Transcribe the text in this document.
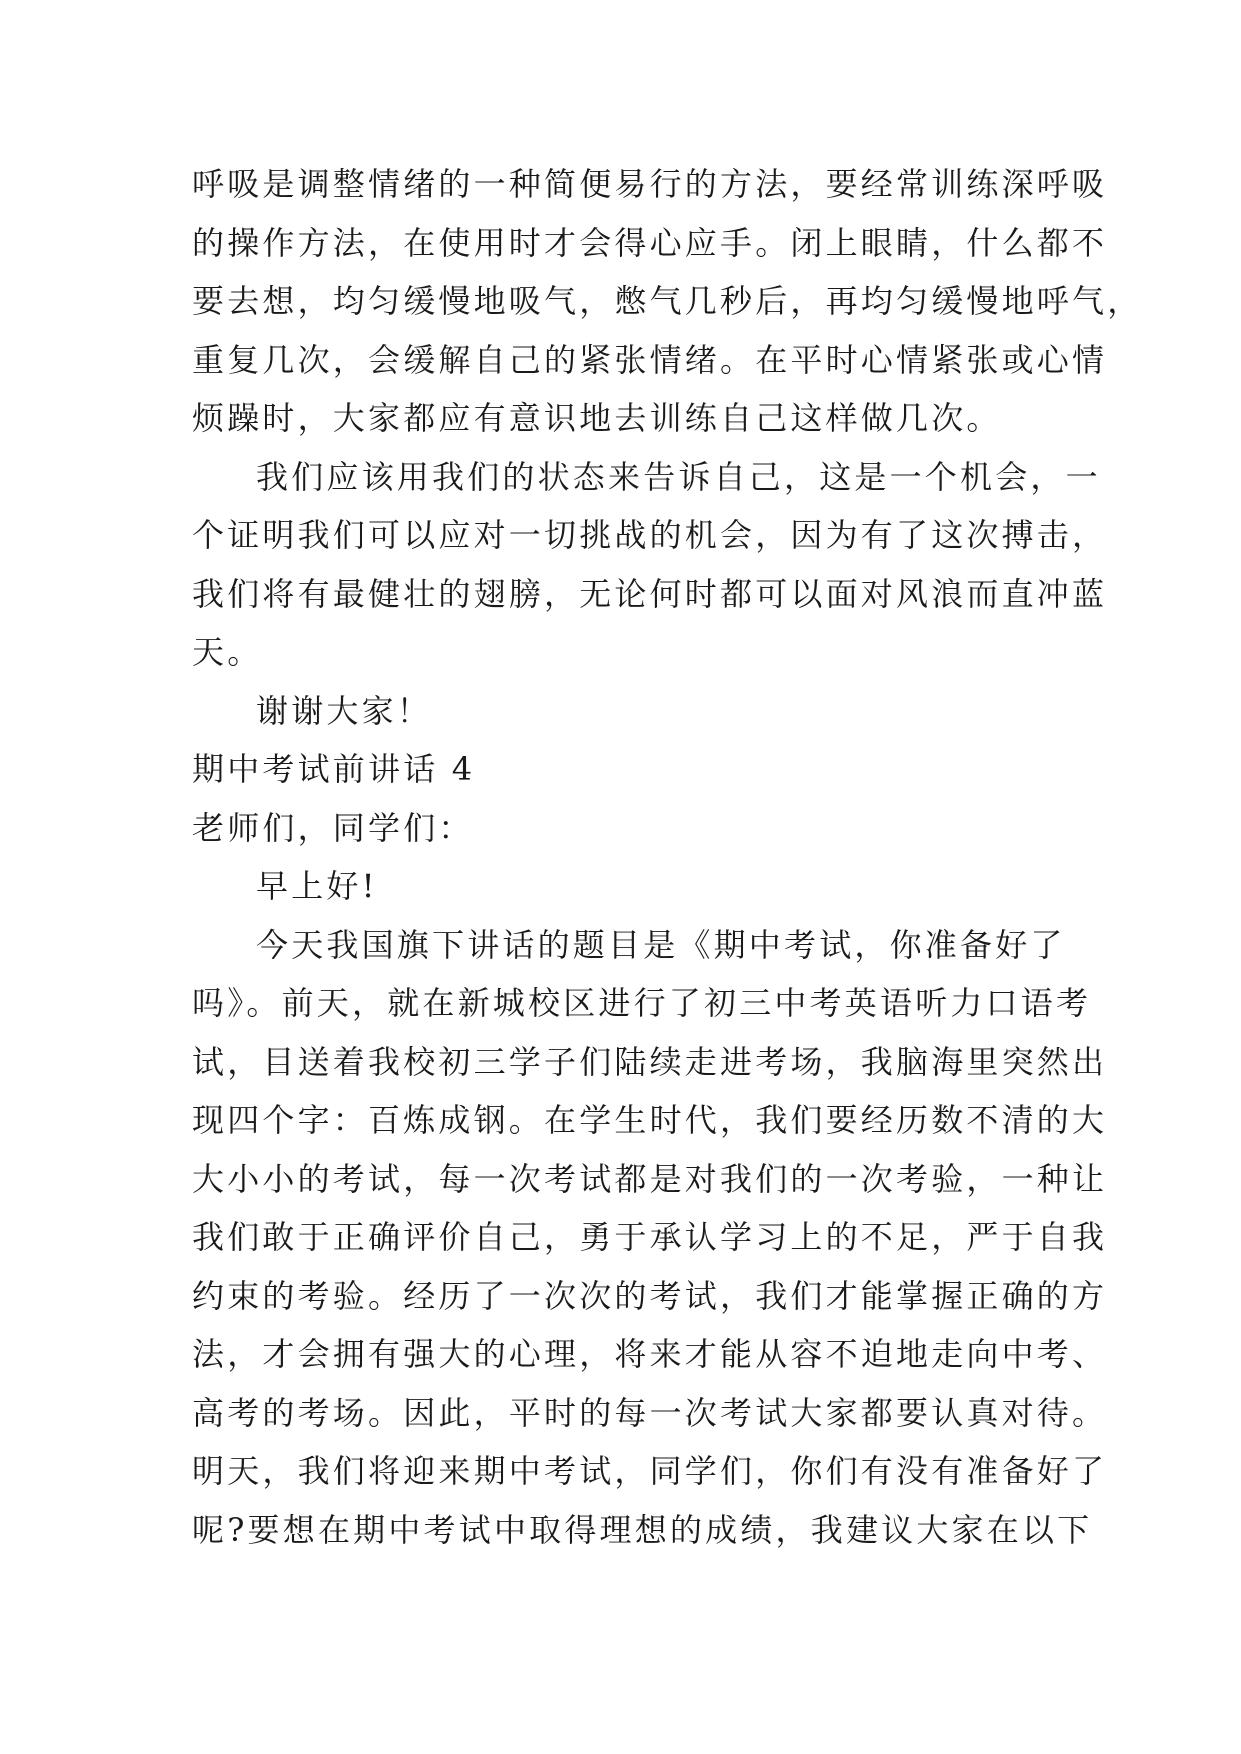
呼吸是调整情绪的一种简便易行的方法，要经常训练深呼吸
的操作方法，在使用时才会得心应手。闭上眼睛，什么都不
要去想，均匀缓慢地吸气，憋气几秒后，再均匀缓慢地呼气，
重复几次，会缓解自己的紧张情绪。在平时心情紧张或心情
烦躁时，大家都应有意识地去训练自己这样做几次。
我们应该用我们的状态来告诉自己，这是一个机会，一
个证明我们可以应对一切挑战的机会，因为有了这次搏击，
我们将有最健壮的翅膀，无论何时都可以面对风浪而直冲蓝
天。
谢谢大家！
期中考试前讲话 4
老师们，同学们：
早上好!
今天我国旗下讲话的题目是《期中考试，你准备好了
吗》。前天，就在新城校区进行了初三中考英语听力口语考
试，目送着我校初三学子们陆续走进考场，我脑海里突然出
现四个字：百炼成钢。在学生时代，我们要经历数不清的大
大小小的考试，每一次考试都是对我们的一次考验，一种让
我们敢于正确评价自己，勇于承认学习上的不足，严于自我
约束的考验。经历了一次次的考试，我们才能掌握正确的方
法，才会拥有强大的心理，将来才能从容不迫地走向中考、
高考的考场。因此，平时的每一次考试大家都要认真对待。
明天，我们将迎来期中考试，同学们，你们有没有准备好了
呢?要想在期中考试中取得理想的成绩，我建议大家在以下
